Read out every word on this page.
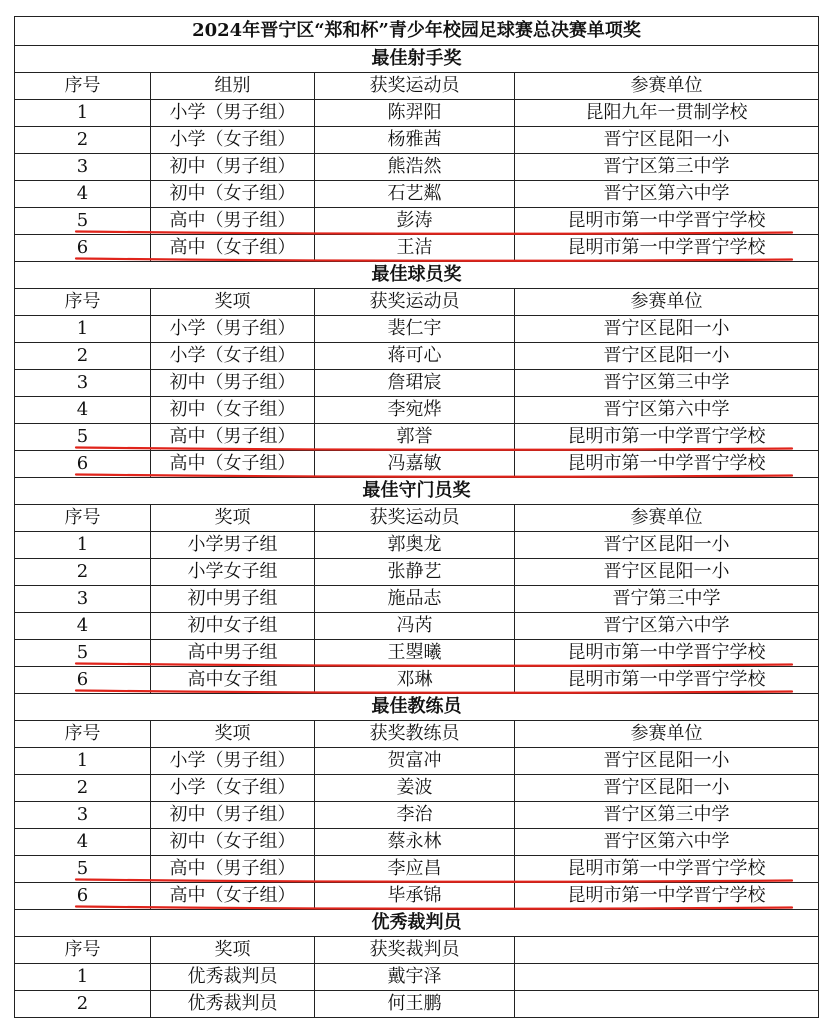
2024年晋宁区“郑和杯”青少年校园足球赛总决赛单项奖			
最佳射手奖			
序号	组别	获奖运动员	参赛单位
1	小学（男子组）	陈羿阳	昆阳九年一贯制学校
2	小学（女子组）	杨雅茜	晋宁区昆阳一小
3	初中（男子组）	熊浩然	晋宁区第三中学
4	初中（女子组）	石艺粼	晋宁区第六中学
5	高中（男子组）	彭涛	昆明市第一中学晋宁学校
6	高中（女子组）	王洁	昆明市第一中学晋宁学校
最佳球员奖			
序号	奖项	获奖运动员	参赛单位
1	小学（男子组）	裴仁宇	晋宁区昆阳一小
2	小学（女子组）	蒋可心	晋宁区昆阳一小
3	初中（男子组）	詹珺宸	晋宁区第三中学
4	初中（女子组）	李宛烨	晋宁区第六中学
5	高中（男子组）	郭誉	昆明市第一中学晋宁学校
6	高中（女子组）	冯嘉敏	昆明市第一中学晋宁学校
最佳守门员奖			
序号	奖项	获奖运动员	参赛单位
1	小学男子组	郭奥龙	晋宁区昆阳一小
2	小学女子组	张静艺	晋宁区昆阳一小
3	初中男子组	施品志	晋宁第三中学
4	初中女子组	冯芮	晋宁区第六中学
5	高中男子组	王曌曦	昆明市第一中学晋宁学校
6	高中女子组	邓琳	昆明市第一中学晋宁学校
最佳教练员			
序号	奖项	获奖教练员	参赛单位
1	小学（男子组）	贺富冲	晋宁区昆阳一小
2	小学（女子组）	姜波	晋宁区昆阳一小
3	初中（男子组）	李治	晋宁区第三中学
4	初中（女子组）	蔡永林	晋宁区第六中学
5	高中（男子组）	李应昌	昆明市第一中学晋宁学校
6	高中（女子组）	毕承锦	昆明市第一中学晋宁学校
优秀裁判员			
序号	奖项	获奖裁判员	
1	优秀裁判员	戴宇泽	
2	优秀裁判员	何王鹏	
